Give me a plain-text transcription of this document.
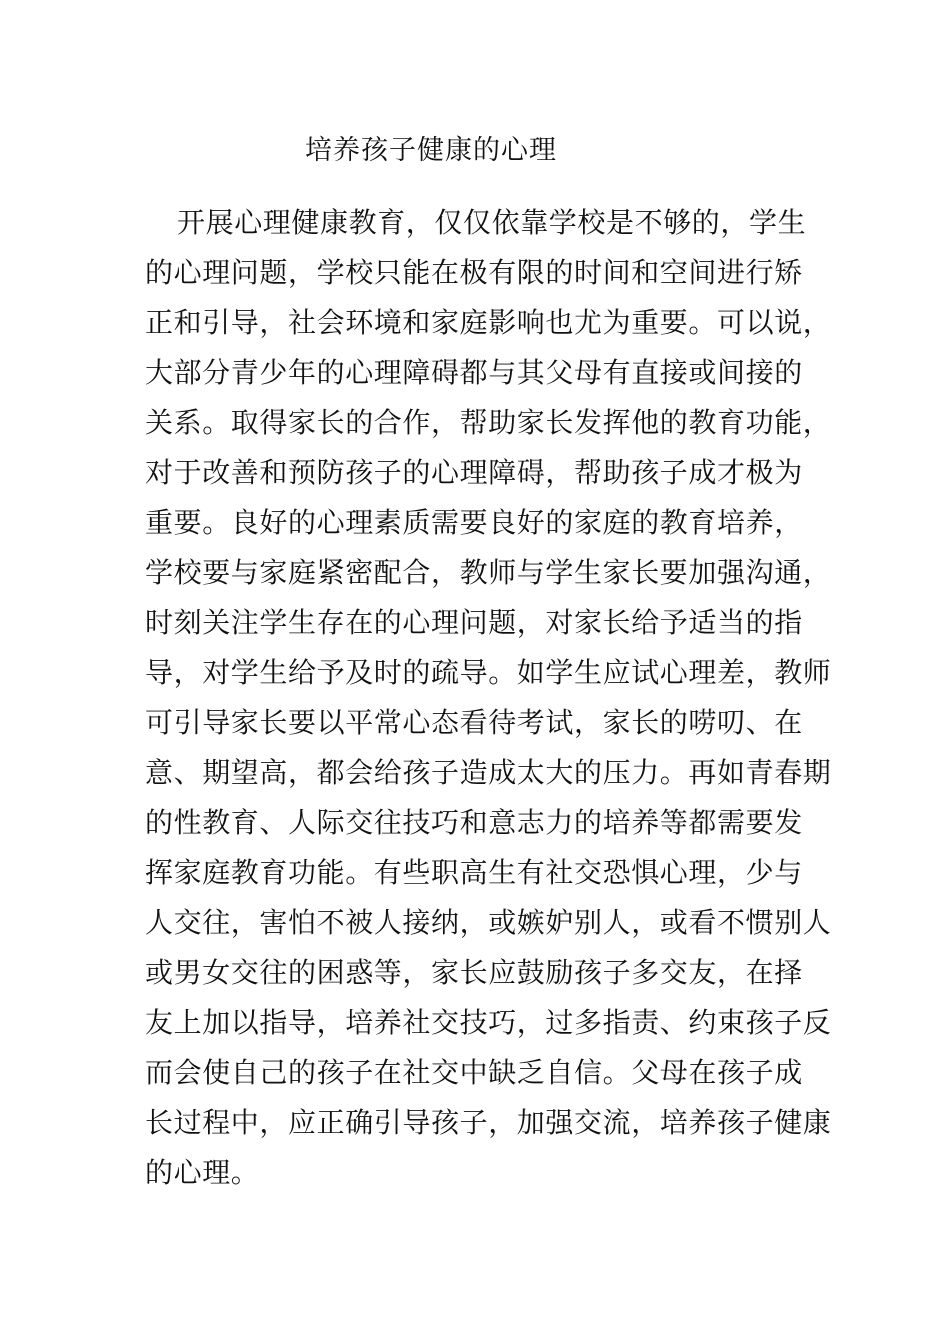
培养孩子健康的心理
开展心理健康教育，仅仅依靠学校是不够的，学生
的心理问题，学校只能在极有限的时间和空间进行矫
正和引导，社会环境和家庭影响也尤为重要。可以说，
大部分青少年的心理障碍都与其父母有直接或间接的
关系。取得家长的合作，帮助家长发挥他的教育功能，
对于改善和预防孩子的心理障碍，帮助孩子成才极为
重要。良好的心理素质需要良好的家庭的教育培养，
学校要与家庭紧密配合，教师与学生家长要加强沟通，
时刻关注学生存在的心理问题，对家长给予适当的指
导，对学生给予及时的疏导。如学生应试心理差，教师
可引导家长要以平常心态看待考试，家长的唠叨、在
意、期望高，都会给孩子造成太大的压力。再如青春期
的性教育、人际交往技巧和意志力的培养等都需要发
挥家庭教育功能。有些职高生有社交恐惧心理，少与
人交往，害怕不被人接纳，或嫉妒别人，或看不惯别人
或男女交往的困惑等，家长应鼓励孩子多交友，在择
友上加以指导，培养社交技巧，过多指责、约束孩子反
而会使自己的孩子在社交中缺乏自信。父母在孩子成
长过程中，应正确引导孩子，加强交流，培养孩子健康
的心理。
